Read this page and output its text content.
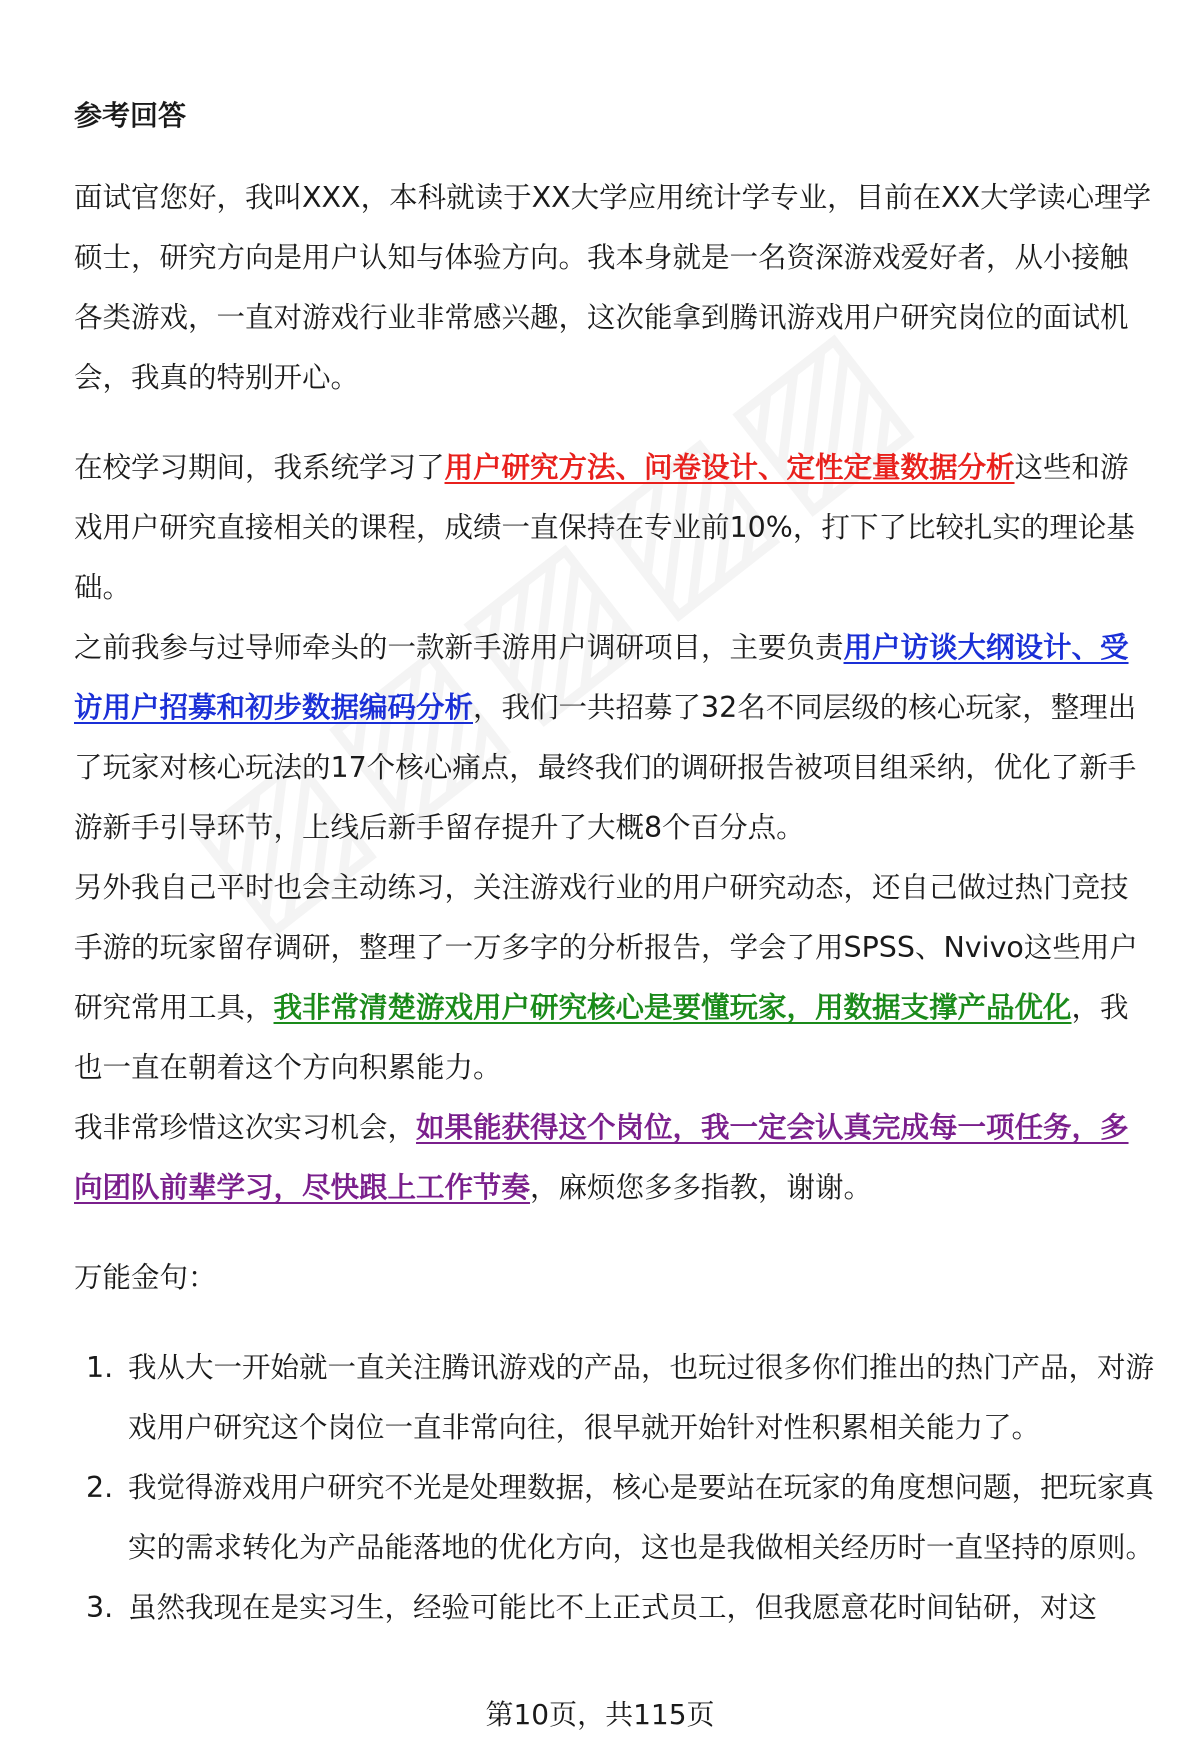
参考回答

面试官您好，我叫XXX，本科就读于XX大学应用统计学专业，目前在XX大学读心理学硕士，研究方向是用户认知与体验方向。我本身就是一名资深游戏爱好者，从小接触各类游戏，一直对游戏行业非常感兴趣，这次能拿到腾讯游戏用户研究岗位的面试机会，我真的特别开心。

在校学习期间，我系统学习了用户研究方法、问卷设计、定性定量数据分析这些和游戏用户研究直接相关的课程，成绩一直保持在专业前10%，打下了比较扎实的理论基础。

之前我参与过导师牵头的一款新手游用户调研项目，主要负责用户访谈大纲设计、受访用户招募和初步数据编码分析，我们一共招募了32名不同层级的核心玩家，整理出了玩家对核心玩法的17个核心痛点，最终我们的调研报告被项目组采纳，优化了新手游新手引导环节，上线后新手留存提升了大概8个百分点。

另外我自己平时也会主动练习，关注游戏行业的用户研究动态，还自己做过热门竞技手游的玩家留存调研，整理了一万多字的分析报告，学会了用SPSS、Nvivo这些用户研究常用工具，我非常清楚游戏用户研究核心是要懂玩家，用数据支撑产品优化，我也一直在朝着这个方向积累能力。

我非常珍惜这次实习机会，如果能获得这个岗位，我一定会认真完成每一项任务，多向团队前辈学习，尽快跟上工作节奏，麻烦您多多指教，谢谢。

万能金句：

1. 我从大一开始就一直关注腾讯游戏的产品，也玩过很多你们推出的热门产品，对游戏用户研究这个岗位一直非常向往，很早就开始针对性积累相关能力了。
2. 我觉得游戏用户研究不光是处理数据，核心是要站在玩家的角度想问题，把玩家真实的需求转化为产品能落地的优化方向，这也是我做相关经历时一直坚持的原则。
3. 虽然我现在是实习生，经验可能比不上正式员工，但我愿意花时间钻研，对这
第10页，共115页
